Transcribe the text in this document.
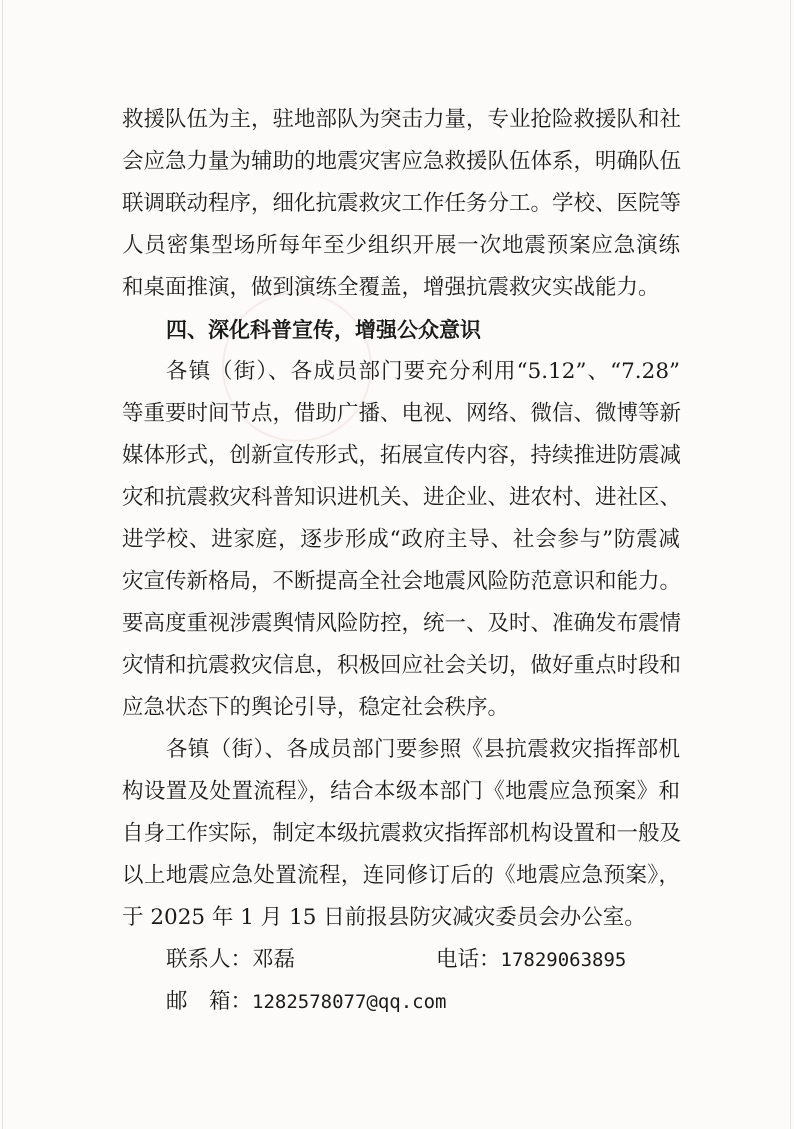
救援队伍为主，驻地部队为突击力量，专业抢险救援队和社
会应急力量为辅助的地震灾害应急救援队伍体系，明确队伍
联调联动程序，细化抗震救灾工作任务分工。学校、医院等
人员密集型场所每年至少组织开展一次地震预案应急演练
和桌面推演，做到演练全覆盖，增强抗震救灾实战能力。
四、深化科普宣传，增强公众意识
各镇（街）、各成员部门要充分利用“5.12”、“7.28”
等重要时间节点，借助广播、电视、网络、微信、微博等新
媒体形式，创新宣传形式，拓展宣传内容，持续推进防震减
灾和抗震救灾科普知识进机关、进企业、进农村、进社区、
进学校、进家庭，逐步形成“政府主导、社会参与”防震减
灾宣传新格局，不断提高全社会地震风险防范意识和能力。
要高度重视涉震舆情风险防控，统一、及时、准确发布震情
灾情和抗震救灾信息，积极回应社会关切，做好重点时段和
应急状态下的舆论引导，稳定社会秩序。
各镇（街）、各成员部门要参照《县抗震救灾指挥部机
构设置及处置流程》，结合本级本部门《地震应急预案》和
自身工作实际，制定本级抗震救灾指挥部机构设置和一般及
以上地震应急处置流程，连同修订后的《地震应急预案》，
于 2025 年 1 月 15 日前报县防灾减灾委员会办公室。
联系人：邓磊	电话：17829063895
邮　箱：1282578077@qq.com
